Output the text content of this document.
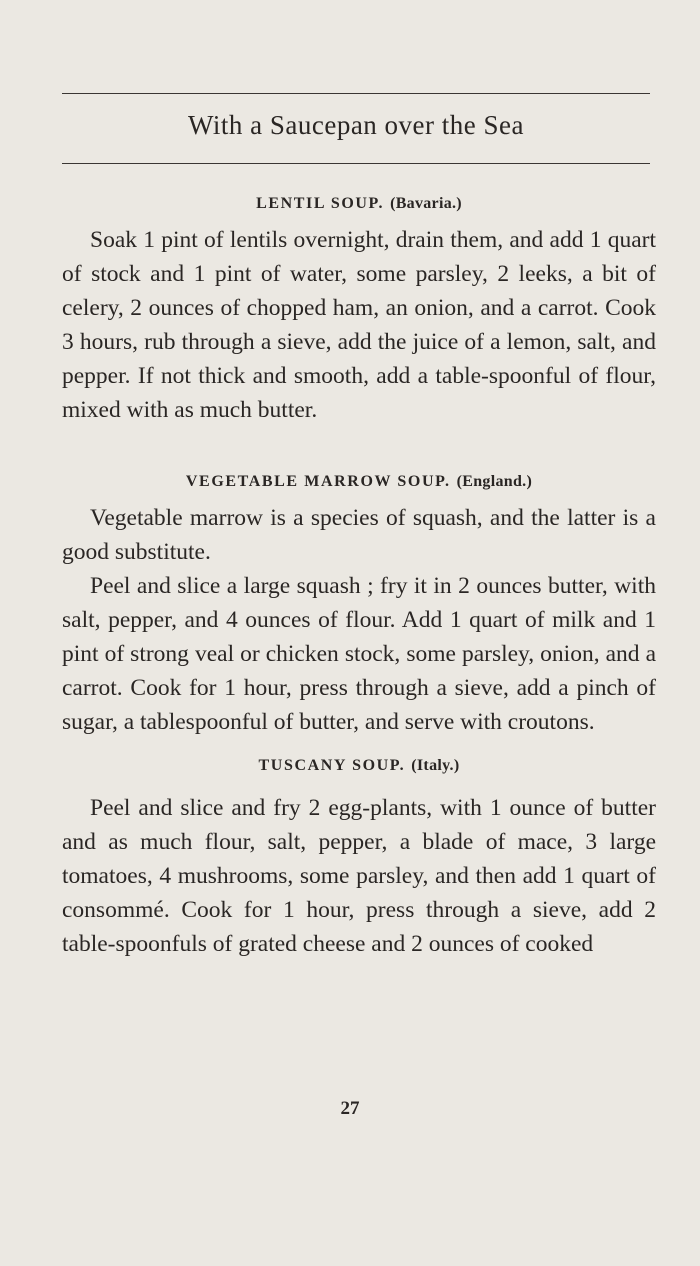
With a Saucepan over the Sea
LENTIL SOUP. (Bavaria.)

Soak 1 pint of lentils overnight, drain them, and add 1 quart of stock and 1 pint of water, some parsley, 2 leeks, a bit of celery, 2 ounces of chopped ham, an onion, and a carrot. Cook 3 hours, rub through a sieve, add the juice of a lemon, salt, and pepper. If not thick and smooth, add a table-spoonful of flour, mixed with as much butter.

VEGETABLE MARROW SOUP. (England.)

Vegetable marrow is a species of squash, and the latter is a good substitute.

Peel and slice a large squash ; fry it in 2 ounces butter, with salt, pepper, and 4 ounces of flour. Add 1 quart of milk and 1 pint of strong veal or chicken stock, some parsley, onion, and a carrot. Cook for 1 hour, press through a sieve, add a pinch of sugar, a tablespoonful of butter, and serve with croutons.

TUSCANY SOUP. (Italy.)

Peel and slice and fry 2 egg-plants, with 1 ounce of butter and as much flour, salt, pepper, a blade of mace, 3 large tomatoes, 4 mushrooms, some parsley, and then add 1 quart of consommé. Cook for 1 hour, press through a sieve, add 2 table-spoonfuls of grated cheese and 2 ounces of cooked

27
